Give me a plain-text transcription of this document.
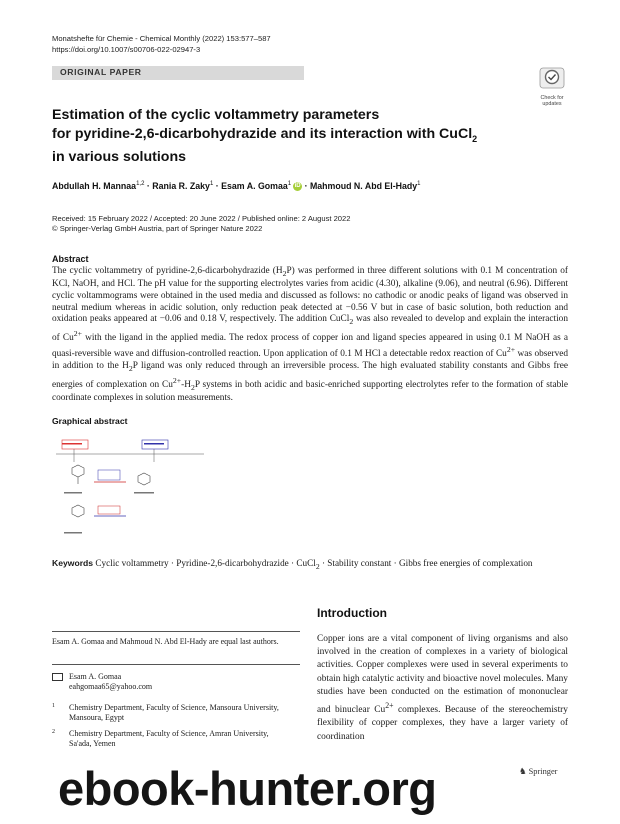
Monatshefte für Chemie - Chemical Monthly (2022) 153:577–587
https://doi.org/10.1007/s00706-022-02947-3
ORIGINAL PAPER
Check for
updates
Estimation of the cyclic voltammetry parameters
for pyridine-2,6-dicarbohydrazide and its interaction with CuCl$_2$
in various solutions
Abdullah H. Mannaa$^{1,2}$ · Rania R. Zaky$^1$ · Esam A. Gomaa$^1$ iD · Mahmoud N. Abd El-Hady$^1$
Received: 15 February 2022 / Accepted: 20 June 2022 / Published online: 2 August 2022
© Springer-Verlag GmbH Austria, part of Springer Nature 2022
Abstract
The cyclic voltammetry of pyridine-2,6-dicarbohydrazide $(H_2P)$ was performed in three different solutions with 0.1 M concentration of KCl, NaOH, and HCl. The pH value for the supporting electrolytes varies from acidic (4.30), alkaline (9.06), and neutral (6.96). Different cyclic voltammograms were obtained in the used media and discussed as follows: no cathodic or anodic peaks of ligand was observed in neutral medium whereas in acidic solution, only reduction peak detected at −0.56 V but in case of basic solution, both reduction and oxidation peaks appeared at −0.06 and 0.18 V, respectively. The addition CuCl$_2$ was also revealed to develop and explain the interaction of $Cu^{2+}$ with the ligand in the applied media. The redox process of copper ion and ligand species appeared in using 0.1 M NaOH as a quasi-reversible wave and diffusion-controlled reaction. Upon application of 0.1 M HCl a detectable redox reaction of $Cu^{2+}$ was observed in addition to the $H_2P$ ligand was only reduced through an irreversible process. The high evaluated stability constants and Gibbs free energies of complexation on $Cu^{2+}-H_2P$ systems in both acidic and basic-enriched supporting electrolytes refer to the formation of stable coordinate complexes in solution measurements.
Graphical abstract
Keywords Cyclic voltammetry · Pyridine-2,6-dicarbohydrazide · CuCl$_2$ · Stability constant · Gibbs free energies of complexation
Introduction
Copper ions are a vital component of living organisms and also involved in the creation of complexes in a variety of biological activities. Copper complexes were used in several experiments to obtain high catalytic activity and bioactive novel molecules. Many studies have been conducted on the estimation of mononuclear and binuclear $Cu^{2+}$ complexes. Because of the stereochemistry flexibility of copper complexes, they have a larger variety of coordination
Esam A. Gomaa and Mahmoud N. Abd El-Hady are equal last authors.
Esam A. Gomaa
eahgomaa65@yahoo.com
1 Chemistry Department, Faculty of Science, Mansoura University, Mansoura, Egypt
2 Chemistry Department, Faculty of Science, Amran University, Sa'ada, Yemen
ebook-hunter.org	♞ Springer
